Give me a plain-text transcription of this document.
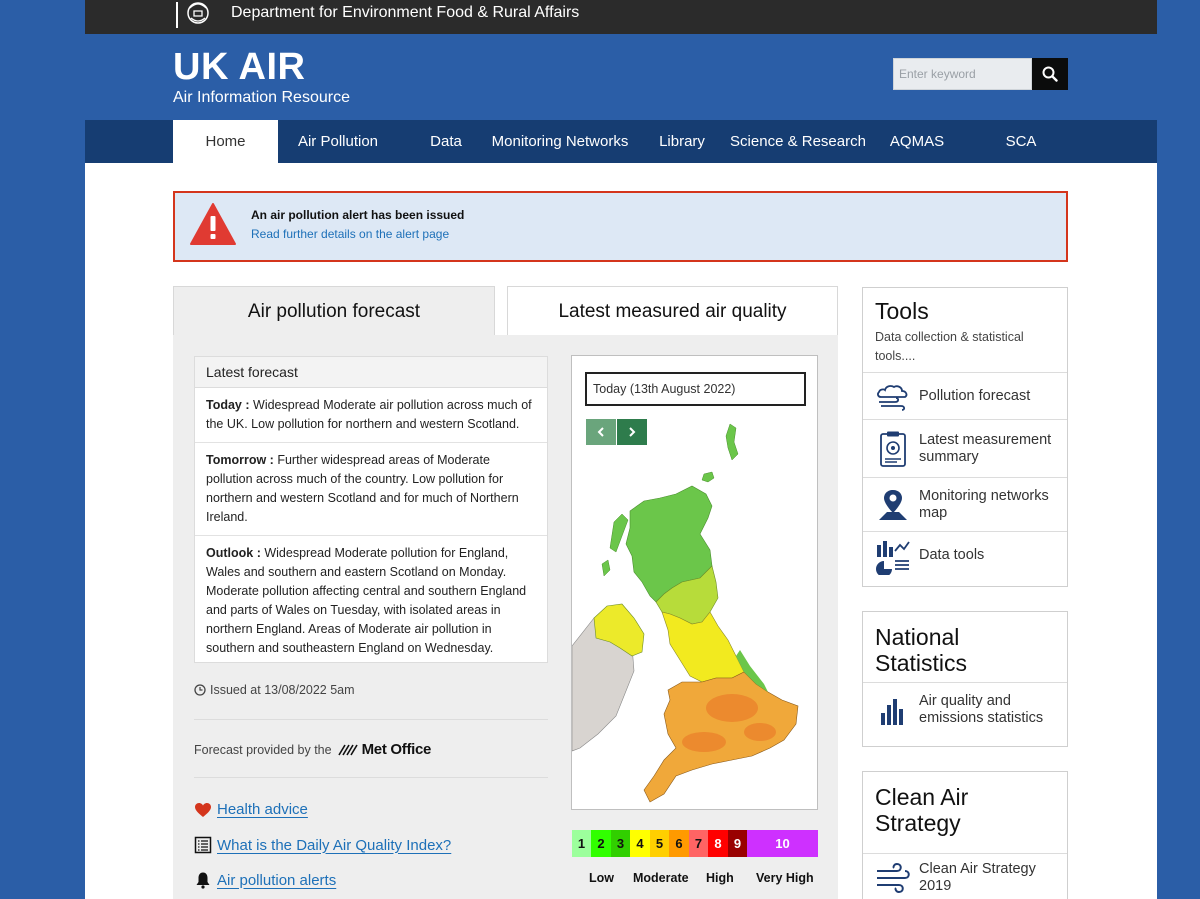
Department for Environment Food & Rural Affairs
UK AIR
Air Information Resource
Enter keyword
Home	Air Pollution	Data	Monitoring Networks	Library	Science & Research	AQMAS	SCA
An air pollution alert has been issued
Read further details on the alert page
Air pollution forecast	Latest measured air quality
Latest forecast
Today : Widespread Moderate air pollution across much of the UK. Low pollution for northern and western Scotland.
Tomorrow : Further widespread areas of Moderate pollution across much of the country. Low pollution for northern and western Scotland and for much of Northern Ireland.
Outlook : Widespread Moderate pollution for England, Wales and southern and eastern Scotland on Monday. Moderate pollution affecting central and southern England and parts of Wales on Tuesday, with isolated areas in northern England. Areas of Moderate air pollution in southern and southeastern England on Wednesday.
Issued at 13/08/2022 5am
Forecast provided by the Met Office
Health advice
What is the Daily Air Quality Index?
Air pollution alerts
Today (13th August 2022)
1 2 3 4 5 6 7 8 9	10
Low Moderate High Very High
Tools
Data collection & statistical tools....
Pollution forecast
Latest measurement summary
Monitoring networks map
Data tools
National Statistics
Air quality and emissions statistics
Clean Air Strategy
Clean Air Strategy 2019
